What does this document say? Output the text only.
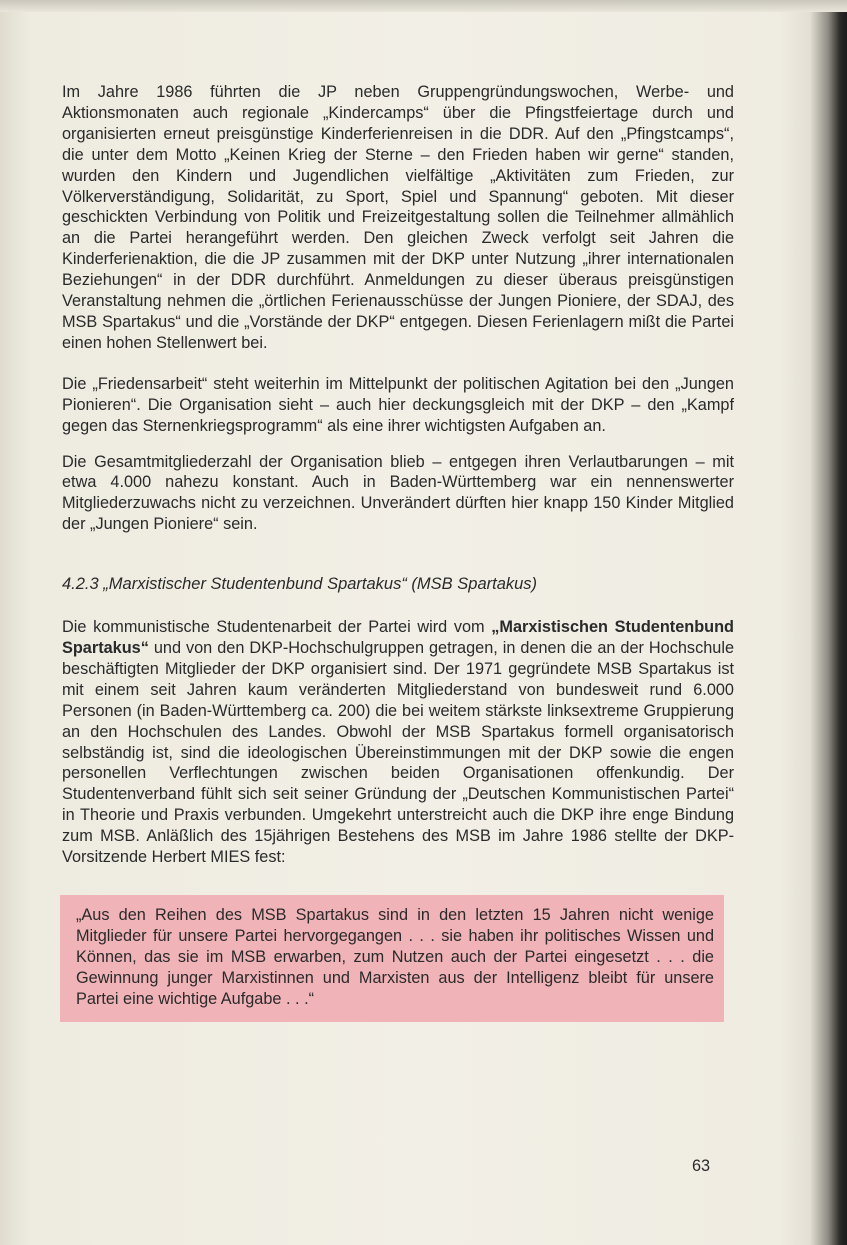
Im Jahre 1986 führten die JP neben Gruppengründungswochen, Werbe- und Aktionsmonaten auch regionale „Kindercamps“ über die Pfingstfeiertage durch und organisierten erneut preisgünstige Kinderferienreisen in die DDR. Auf den „Pfingstcamps“, die unter dem Motto „Keinen Krieg der Sterne – den Frieden haben wir gerne“ standen, wurden den Kindern und Jugendlichen vielfältige „Aktivitäten zum Frieden, zur Völkerverständigung, Solidarität, zu Sport, Spiel und Spannung“ geboten. Mit dieser geschickten Verbindung von Politik und Freizeitgestaltung sollen die Teilnehmer allmählich an die Partei herangeführt werden. Den gleichen Zweck verfolgt seit Jahren die Kinderferienaktion, die die JP zusammen mit der DKP unter Nutzung „ihrer internationalen Beziehungen“ in der DDR durchführt. Anmeldungen zu dieser überaus preisgünstigen Veranstaltung nehmen die „örtlichen Ferienausschüsse der Jungen Pioniere, der SDAJ, des MSB Spartakus“ und die „Vorstände der DKP“ entgegen. Diesen Ferienlagern mißt die Partei einen hohen Stellenwert bei.

Die „Friedensarbeit“ steht weiterhin im Mittelpunkt der politischen Agitation bei den „Jungen Pionieren“. Die Organisation sieht – auch hier deckungsgleich mit der DKP – den „Kampf gegen das Sternenkriegsprogramm“ als eine ihrer wichtigsten Aufgaben an.

Die Gesamtmitgliederzahl der Organisation blieb – entgegen ihren Verlautbarungen – mit etwa 4.000 nahezu konstant. Auch in Baden-Württemberg war ein nennenswerter Mitgliederzuwachs nicht zu verzeichnen. Unverändert dürften hier knapp 150 Kinder Mitglied der „Jungen Pioniere“ sein.

4.2.3 „Marxistischer Studentenbund Spartakus“ (MSB Spartakus)

Die kommunistische Studentenarbeit der Partei wird vom „Marxistischen Studentenbund Spartakus“ und von den DKP-Hochschulgruppen getragen, in denen die an der Hochschule beschäftigten Mitglieder der DKP organisiert sind. Der 1971 gegründete MSB Spartakus ist mit einem seit Jahren kaum veränderten Mitgliederstand von bundesweit rund 6.000 Personen (in Baden-Württemberg ca. 200) die bei weitem stärkste linksextreme Gruppierung an den Hochschulen des Landes. Obwohl der MSB Spartakus formell organisatorisch selbständig ist, sind die ideologischen Übereinstimmungen mit der DKP sowie die engen personellen Verflechtungen zwischen beiden Organisationen offenkundig. Der Studentenverband fühlt sich seit seiner Gründung der „Deutschen Kommunistischen Partei“ in Theorie und Praxis verbunden. Umgekehrt unterstreicht auch die DKP ihre enge Bindung zum MSB. Anläßlich des 15jährigen Bestehens des MSB im Jahre 1986 stellte der DKP-Vorsitzende Herbert MIES fest:

„Aus den Reihen des MSB Spartakus sind in den letzten 15 Jahren nicht wenige Mitglieder für unsere Partei hervorgegangen . . . sie haben ihr politisches Wissen und Können, das sie im MSB erwarben, zum Nutzen auch der Partei eingesetzt . . . die Gewinnung junger Marxistinnen und Marxisten aus der Intelligenz bleibt für unsere Partei eine wichtige Aufgabe . . .“

63
